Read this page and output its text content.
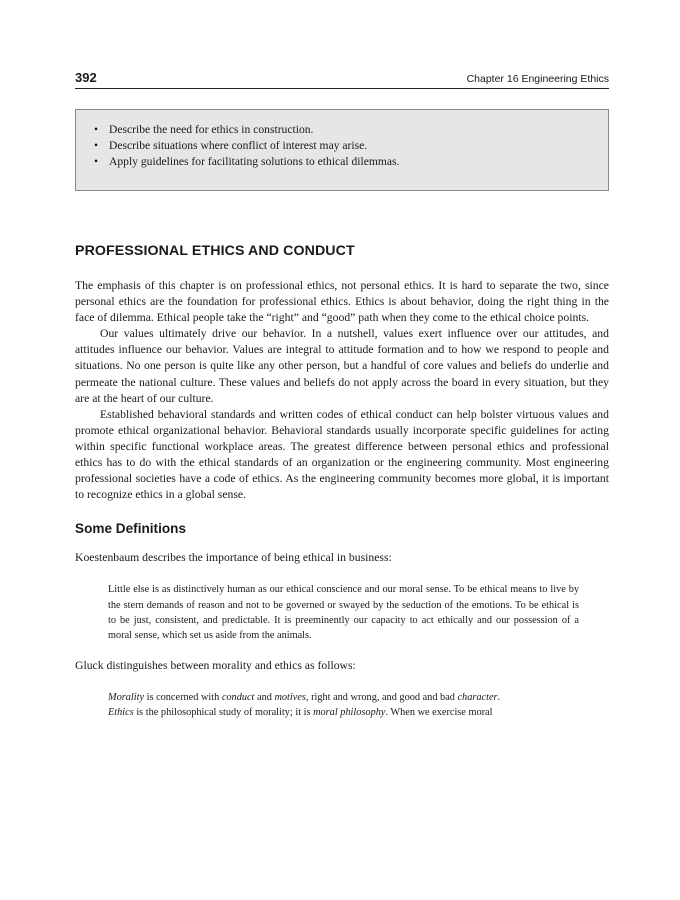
392	Chapter 16 Engineering Ethics
• Describe the need for ethics in construction.
• Describe situations where conflict of interest may arise.
• Apply guidelines for facilitating solutions to ethical dilemmas.
PROFESSIONAL ETHICS AND CONDUCT

The emphasis of this chapter is on professional ethics, not personal ethics. It is hard to separate the two, since personal ethics are the foundation for professional ethics. Ethics is about behavior, doing the right thing in the face of dilemma. Ethical people take the “right” and “good” path when they come to the ethical choice points.

Our values ultimately drive our behavior. In a nutshell, values exert influence over our attitudes, and attitudes influence our behavior. Values are integral to attitude formation and to how we respond to people and situations. No one person is quite like any other person, but a handful of core values and beliefs do underlie and permeate the national culture. These values and beliefs do not apply across the board in every situation, but they are at the heart of our culture.

Established behavioral standards and written codes of ethical conduct can help bolster virtuous values and promote ethical organizational behavior. Behavioral standards usually incorporate specific guidelines for acting within specific functional workplace areas. The greatest difference between personal ethics and professional ethics has to do with the ethical standards of an organization or the engineering community. Most engineering professional societies have a code of ethics. As the engineering community becomes more global, it is important to recognize ethics in a global sense.

Some Definitions

Koestenbaum describes the importance of being ethical in business:

Little else is as distinctively human as our ethical conscience and our moral sense. To be ethical means to live by the stern demands of reason and not to be governed or swayed by the seduction of the emotions. To be ethical is to be just, consistent, and predictable. It is preeminently our capacity to act ethically and our possession of a moral sense, which set us aside from the animals.

Gluck distinguishes between morality and ethics as follows:

Morality is concerned with conduct and motives, right and wrong, and good and bad character.

Ethics is the philosophical study of morality; it is moral philosophy. When we exercise moral
